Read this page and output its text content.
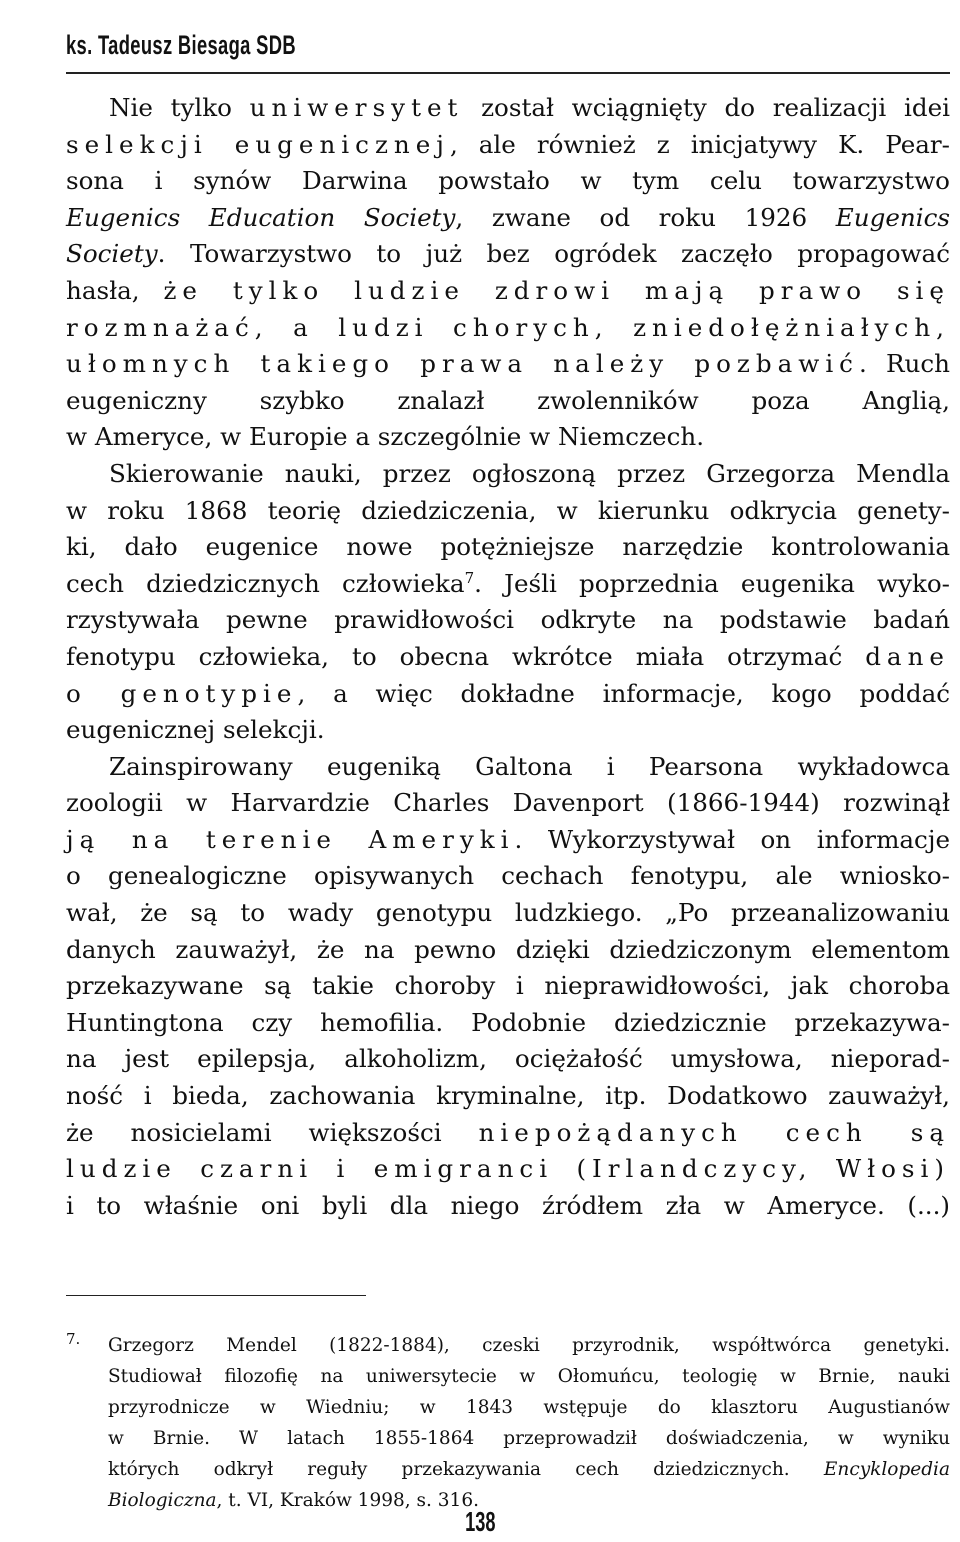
ks. Tadeusz Biesaga SDB
Nie tylko uniwersytet został wciągnięty do realizacji idei
selekcji eugenicznej, ale również z inicjatywy K. Pear-
sona i synów Darwina powstało w tym celu towarzystwo
Eugenics Education Society, zwane od roku 1926 Eugenics
Society. Towarzystwo to już bez ogródek zaczęło propagować
hasła, że tylko ludzie zdrowi mają prawo się
rozmnażać, a ludzi chorych, zniedołężniałych,
ułomnych takiego prawa należy pozbawić. Ruch
eugeniczny szybko znalazł zwolenników poza Anglią,
w Ameryce, w Europie a szczególnie w Niemczech.
Skierowanie nauki, przez ogłoszoną przez Grzegorza Mendla
w roku 1868 teorię dziedziczenia, w kierunku odkrycia genety-
ki, dało eugenice nowe potężniejsze narzędzie kontrolowania
cech dziedzicznych człowieka$^7$. Jeśli poprzednia eugenika wyko-
rzystywała pewne prawidłowości odkryte na podstawie badań
fenotypu człowieka, to obecna wkrótce miała otrzymać dane
o genotypie, a więc dokładne informacje, kogo poddać
eugenicznej selekcji.
Zainspirowany eugeniką Galtona i Pearsona wykładowca
zoologii w Harvardzie Charles Davenport (1866-1944) rozwinął
ją na terenie Ameryki. Wykorzystywał on informacje
o genealogiczne opisywanych cechach fenotypu, ale wniosko-
wał, że są to wady genotypu ludzkiego. „Po przeanalizowaniu
danych zauważył, że na pewno dzięki dziedziczonym elementom
przekazywane są takie choroby i nieprawidłowości, jak choroba
Huntingtona czy hemofilia. Podobnie dziedzicznie przekazywa-
na jest epilepsja, alkoholizm, ociężałość umysłowa, nieporad-
ność i bieda, zachowania kryminalne, itp. Dodatkowo zauważył,
że nosicielami większości niepożądanych cech są
ludzie czarni i emigranci (Irlandczycy, Włosi)
i to właśnie oni byli dla niego źródłem zła w Ameryce. (...)
7. Grzegorz Mendel (1822-1884), czeski przyrodnik, współtwórca genetyki.
Studiował filozofię na uniwersytecie w Ołomuńcu, teologię w Brnie, nauki
przyrodnicze w Wiedniu; w 1843 wstępuje do klasztoru Augustianów
w Brnie. W latach 1855-1864 przeprowadził doświadczenia, w wyniku
których odkrył reguły przekazywania cech dziedzicznych. Encyklopedia
Biologiczna, t. VI, Kraków 1998, s. 316.
138
